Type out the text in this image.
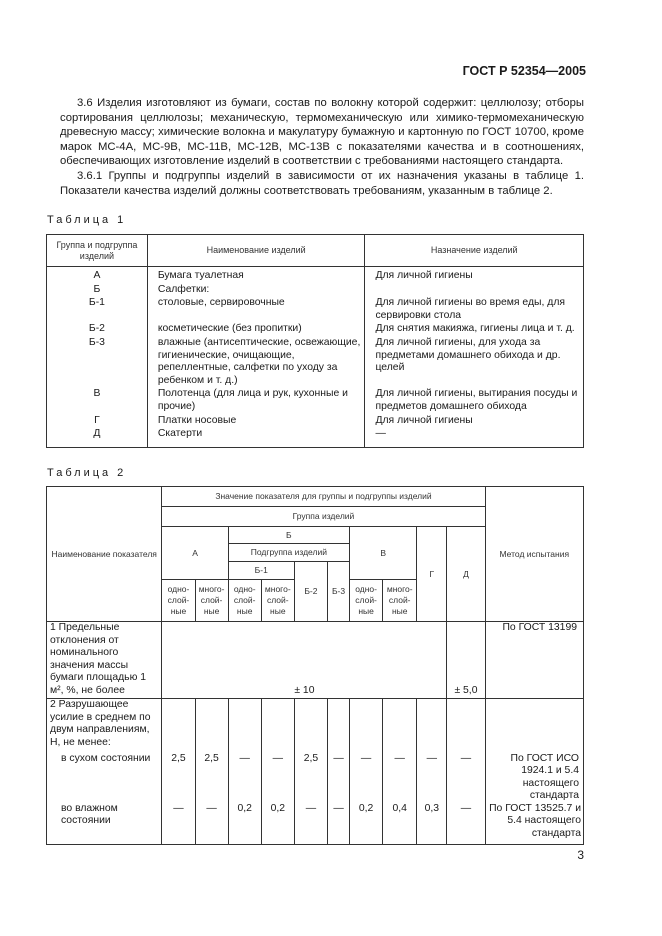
ГОСТ Р 52354—2005

3.6 Изделия изготовляют из бумаги, состав по волокну которой содержит: целлюлозу; отборы сортирования целлюлозы; механическую, термомеханическую или химико-термомеханическую древесную массу; химические волокна и макулатуру бумажную и картонную по ГОСТ 10700, кроме марок МС-4А, МС-9В, МС-11В, МС-12В, МС-13В с показателями качества и в соотношениях, обеспечивающих изготовление изделий в соответствии с требованиями настоящего стандарта.

3.6.1 Группы и подгруппы изделий в зависимости от их назначения указаны в таблице 1. Показатели качества изделий должны соответствовать требованиям, указанным в таблице 2.

Таблица 1
Группа и подгруппа изделий	Наименование изделий	Назначение изделий
А	Бумага туалетная	Для личной гигиены
Б	Салфетки:	
Б-1	столовые, сервировочные	Для личной гигиены во время еды, для сервировки стола
Б-2	косметические (без пропитки)	Для снятия макияжа, гигиены лица и т. д.
Б-3	влажные (антисептические, освежающие, гигиенические, очищающие, репеллентные, салфетки по уходу за ребенком и т. д.)	Для личной гигиены, для ухода за предметами домашнего обихода и др. целей
В	Полотенца (для лица и рук, кухонные и прочие)	Для личной гигиены, вытирания посуды и предметов домашнего обихода
Г	Платки носовые	Для личной гигиены
Д	Скатерти	—
Таблица 2
Наименование показателя	Значение показателя для группы и подгруппы изделий										Метод испытания
	Группа изделий										
	А		Б				В		Г	Д	
			Подгруппа изделий								
			Б-1		Б-2	Б-3					
	одно-слой-ные	много-слой-ные	одно-слой-ные	много-слой-ные			одно-слой-ные	много-слой-ные			
1 Предельные отклонения от номинального значения массы бумаги площадью 1 м², %, не более	± 10									± 5,0	По ГОСТ 13199
2 Разрушающее усилие в среднем по двум направлениям, Н, не менее:											
в сухом состоянии	2,5	2,5	—	—	2,5	—	—	—	—	—	По ГОСТ ИСО 1924.1 и 5.4 настоящего стандарта
во влажном состоянии	—	—	0,2	0,2	—	—	0,2	0,4	0,3	—	По ГОСТ 13525.7 и 5.4 настоящего стандарта
3
